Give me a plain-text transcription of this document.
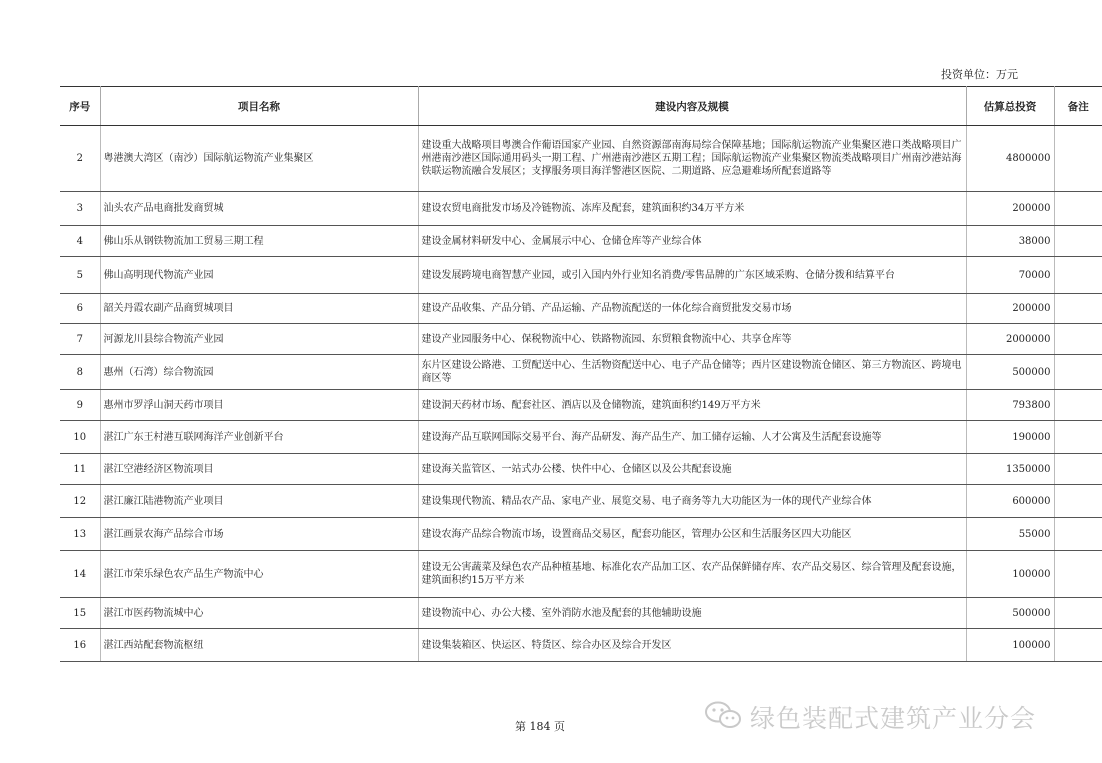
投资单位：万元
序号	项目名称	建设内容及规模	估算总投资	备注
2	粤港澳大湾区（南沙）国际航运物流产业集聚区	建设重大战略项目粤澳合作葡语国家产业园、自然资源部南海局综合保障基地；国际航运物流产业集聚区港口类战略项目广州港南沙港区国际通用码头一期工程、广州港南沙港区五期工程；国际航运物流产业集聚区物流类战略项目广州南沙港站海铁联运物流融合发展区；支撑服务项目海洋警港区医院、二期道路、应急避难场所配套道路等	4800000	
3	汕头农产品电商批发商贸城	建设农贸电商批发市场及冷链物流、冻库及配套，建筑面积约34万平方米	200000	
4	佛山乐从钢铁物流加工贸易三期工程	建设金属材料研发中心、金属展示中心、仓储仓库等产业综合体	38000	
5	佛山高明现代物流产业园	建设发展跨境电商智慧产业园，或引入国内外行业知名消费/零售品牌的广东区域采购、仓储分拨和结算平台	70000	
6	韶关丹霞农副产品商贸城项目	建设产品收集、产品分销、产品运输、产品物流配送的一体化综合商贸批发交易市场	200000	
7	河源龙川县综合物流产业园	建设产业园服务中心、保税物流中心、铁路物流园、东贸粮食物流中心、共享仓库等	2000000	
8	惠州（石湾）综合物流园	东片区建设公路港、工贸配送中心、生活物资配送中心、电子产品仓储等；西片区建设物流仓储区、第三方物流区、跨境电商区等	500000	
9	惠州市罗浮山洞天药市项目	建设洞天药材市场、配套社区、酒店以及仓储物流，建筑面积约149万平方米	793800	
10	湛江广东王村港互联网海洋产业创新平台	建设海产品互联网国际交易平台、海产品研发、海产品生产、加工储存运输、人才公寓及生活配套设施等	190000	
11	湛江空港经济区物流项目	建设海关监管区、一站式办公楼、快件中心、仓储区以及公共配套设施	1350000	
12	湛江廉江陆港物流产业项目	建设集现代物流、精品农产品、家电产业、展览交易、电子商务等九大功能区为一体的现代产业综合体	600000	
13	湛江画景农海产品综合市场	建设农海产品综合物流市场，设置商品交易区，配套功能区，管理办公区和生活服务区四大功能区	55000	
14	湛江市荣乐绿色农产品生产物流中心	建设无公害蔬菜及绿色农产品种植基地、标准化农产品加工区、农产品保鲜储存库、农产品交易区、综合管理及配套设施，建筑面积约15万平方米	100000	
15	湛江市医药物流城中心	建设物流中心、办公大楼、室外消防水池及配套的其他辅助设施	500000	
16	湛江西站配套物流枢纽	建设集装箱区、快运区、特货区、综合办区及综合开发区	100000	
第 184 页	绿色装配式建筑产业分会
